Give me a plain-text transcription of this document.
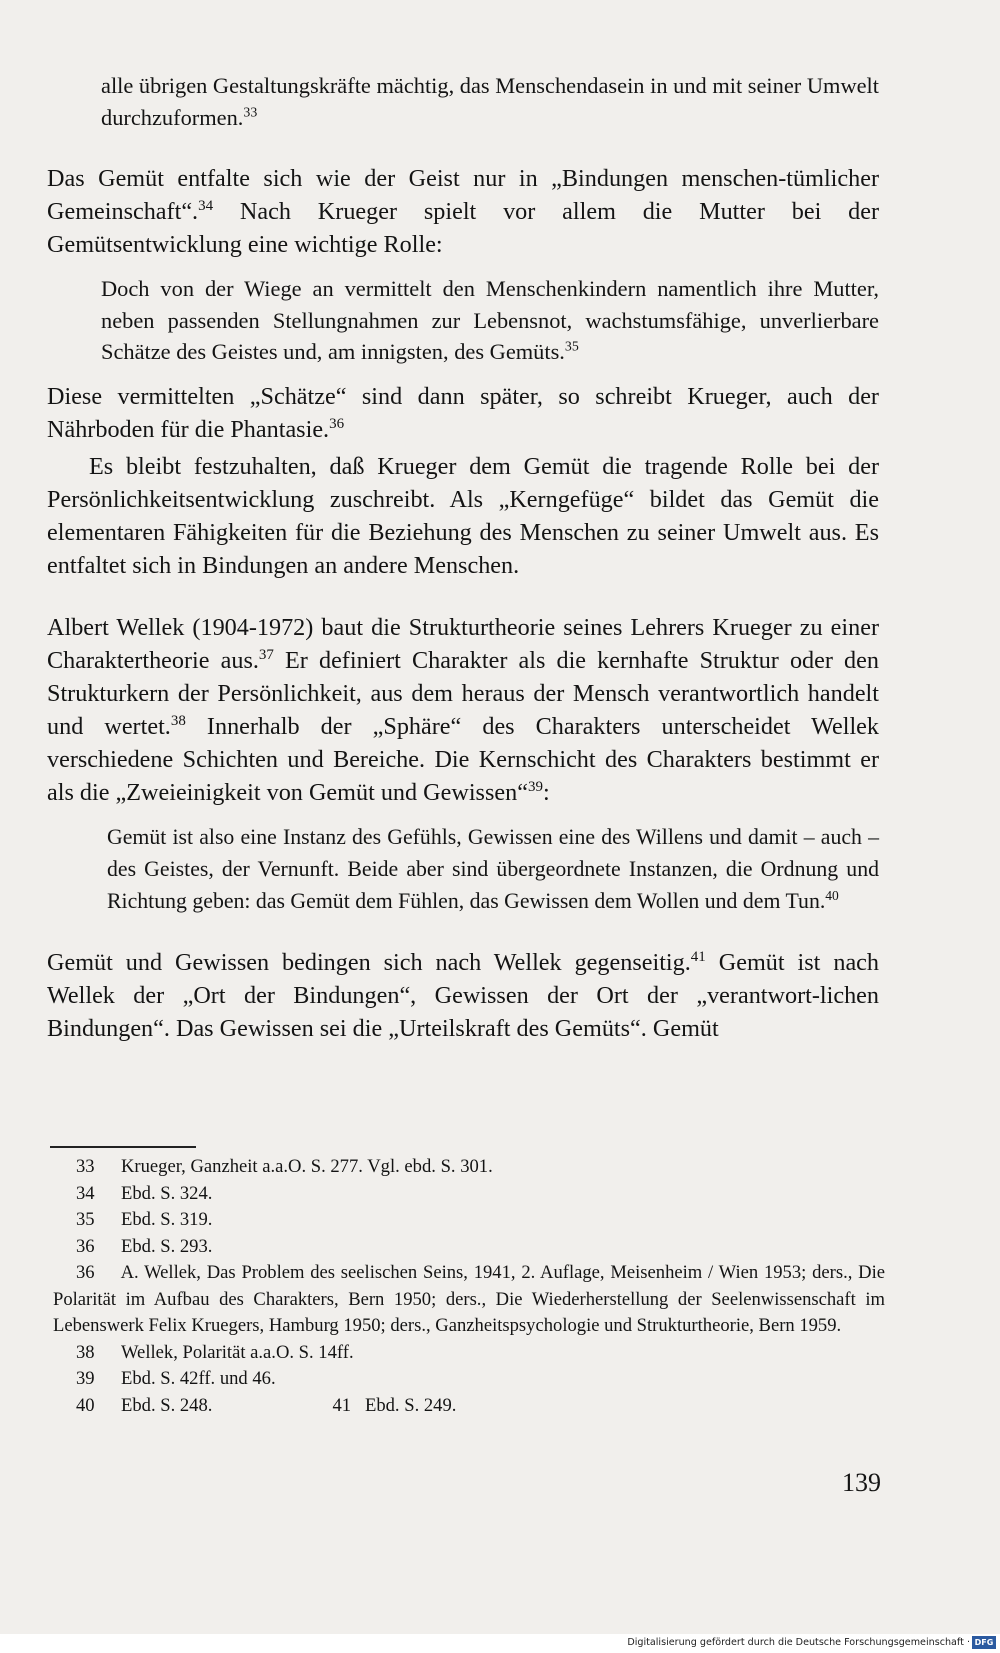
alle übrigen Gestaltungskräfte mächtig, das Menschendasein in und mit seiner Umwelt durchzuformen.$^{33}$

Das Gemüt entfalte sich wie der Geist nur in „Bindungen menschen-tümlicher Gemeinschaft“.$^{34}$ Nach Krueger spielt vor allem die Mutter bei der Gemütsentwicklung eine wichtige Rolle:

Doch von der Wiege an vermittelt den Menschenkindern namentlich ihre Mutter, neben passenden Stellungnahmen zur Lebensnot, wachstumsfähige, unverlierbare Schätze des Geistes und, am innigsten, des Gemüts.$^{35}$

Diese vermittelten „Schätze“ sind dann später, so schreibt Krueger, auch der Nährboden für die Phantasie.$^{36}$

Es bleibt festzuhalten, daß Krueger dem Gemüt die tragende Rolle bei der Persönlichkeitsentwicklung zuschreibt. Als „Kerngefüge“ bildet das Gemüt die elementaren Fähigkeiten für die Beziehung des Menschen zu seiner Umwelt aus. Es entfaltet sich in Bindungen an andere Menschen.

Albert Wellek (1904-1972) baut die Strukturtheorie seines Lehrers Krueger zu einer Charaktertheorie aus.$^{37}$ Er definiert Charakter als die kernhafte Struktur oder den Strukturkern der Persönlichkeit, aus dem heraus der Mensch verantwortlich handelt und wertet.$^{38}$ Innerhalb der „Sphäre“ des Charakters unterscheidet Wellek verschiedene Schichten und Bereiche. Die Kernschicht des Charakters bestimmt er als die „Zweieinigkeit von Gemüt und Gewissen“$^{39}$:

Gemüt ist also eine Instanz des Gefühls, Gewissen eine des Willens und damit – auch – des Geistes, der Vernunft. Beide aber sind übergeordnete Instanzen, die Ordnung und Richtung geben: das Gemüt dem Fühlen, das Gewissen dem Wollen und dem Tun.$^{40}$

Gemüt und Gewissen bedingen sich nach Wellek gegenseitig.$^{41}$ Gemüt ist nach Wellek der „Ort der Bindungen“, Gewissen der Ort der „verantwort-lichen Bindungen“. Das Gewissen sei die „Urteilskraft des Gemüts“. Gemüt

33	Krueger, Ganzheit a.a.O. S. 277. Vgl. ebd. S. 301.
34	Ebd. S. 324.
35	Ebd. S. 319.
36	Ebd. S. 293.

36 A. Wellek, Das Problem des seelischen Seins, 1941, 2. Auflage, Meisenheim / Wien 1953; ders., Die Polarität im Aufbau des Charakters, Bern 1950; ders., Die Wiederherstellung der Seelenwissenschaft im Lebenswerk Felix Kruegers, Hamburg 1950; ders., Ganzheitspsychologie und Strukturtheorie, Bern 1959.

38	Wellek, Polarität a.a.O. S. 14ff.
39	Ebd. S. 42ff. und 46.
40	Ebd. S. 248.	41 Ebd. S. 249.
139
Digitalisierung gefördert durch die Deutsche Forschungsgemeinschaft · DFG
